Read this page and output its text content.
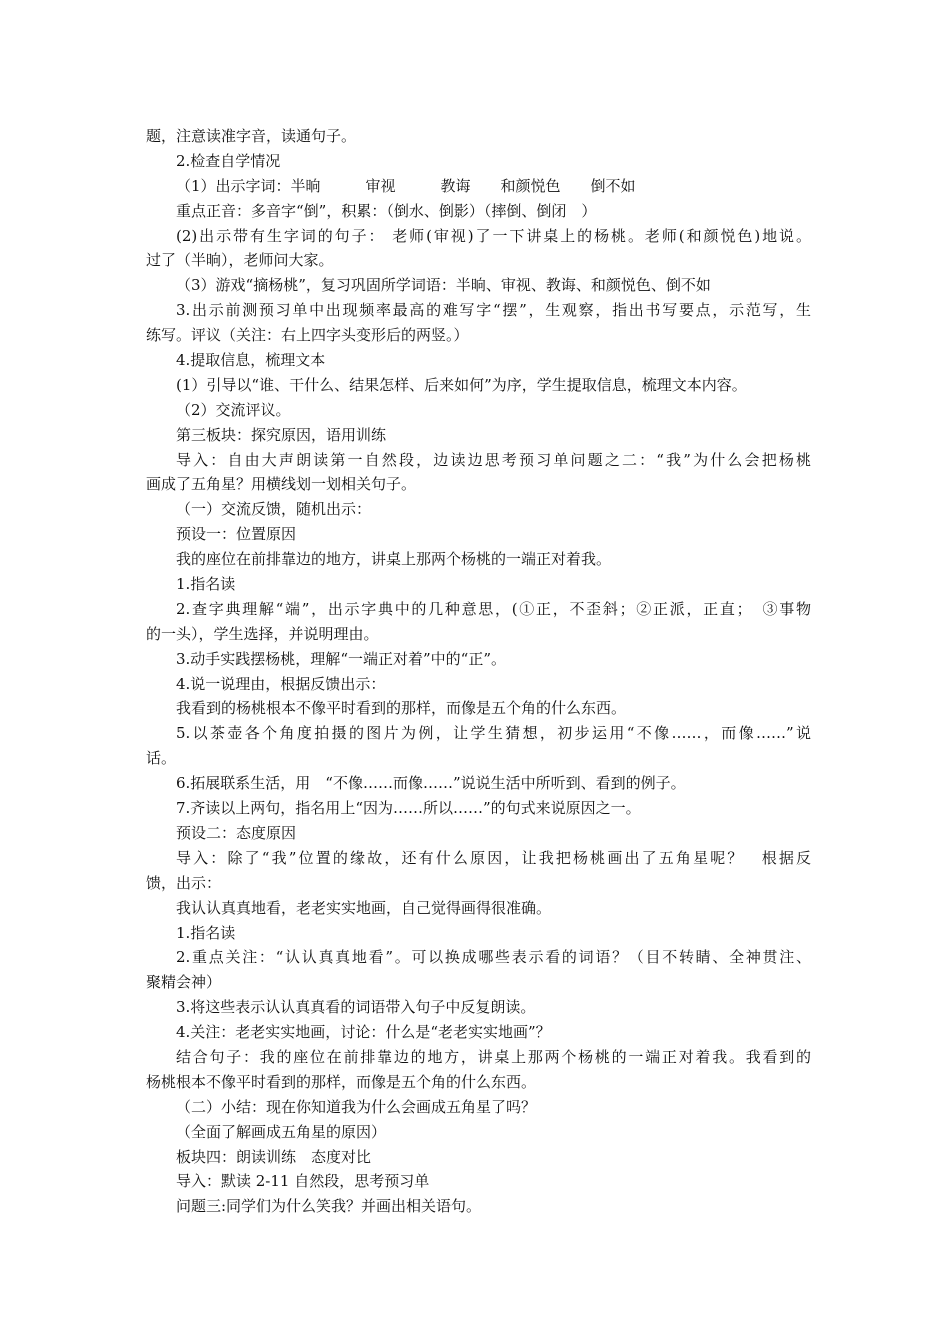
题，注意读准字音，读通句子。
2.检查自学情况
（1）出示字词：半晌　　　审视　　　教诲　　和颜悦色　　倒不如
重点正音：多音字“倒”，积累：（倒水、倒影）（摔倒、倒闭　）
(2)出示带有生字词的句子： 老师(审视)了一下讲桌上的杨桃。老师(和颜悦色)地说。
过了（半晌），老师问大家。
（3）游戏“摘杨桃”，复习巩固所学词语：半晌、审视、教诲、和颜悦色、倒不如
3.出示前测预习单中出现频率最高的难写字“摆”，生观察，指出书写要点，示范写，生
练写。评议（关注：右上四字头变形后的两竖。）
4.提取信息，梳理文本
(1）引导以“谁、干什么、结果怎样、后来如何”为序，学生提取信息，梳理文本内容。
（2）交流评议。
第三板块：探究原因，语用训练
导入：自由大声朗读第一自然段，边读边思考预习单问题之二：“我”为什么会把杨桃
画成了五角星？用横线划一划相关句子。
（一）交流反馈，随机出示：
预设一：位置原因
我的座位在前排靠边的地方，讲桌上那两个杨桃的一端正对着我。
1.指名读
2.查字典理解“端”，出示字典中的几种意思，(①正，不歪斜；②正派，正直；　③事物
的一头），学生选择，并说明理由。
3.动手实践摆杨桃，理解“一端正对着”中的“正”。
4.说一说理由，根据反馈出示：
我看到的杨桃根本不像平时看到的那样，而像是五个角的什么东西。
5.以茶壶各个角度拍摄的图片为例，让学生猜想，初步运用“不像……，而像……”说
话。
6.拓展联系生活，用　“不像……而像……”说说生活中所听到、看到的例子。
7.齐读以上两句，指名用上“因为……所以……”的句式来说原因之一。
预设二：态度原因
导入：除了“我”位置的缘故，还有什么原因，让我把杨桃画出了五角星呢？　根据反
馈，出示：
我认认真真地看，老老实实地画，自己觉得画得很准确。
1.指名读
2.重点关注：“认认真真地看”。可以换成哪些表示看的词语？（目不转睛、全神贯注、
聚精会神）
3.将这些表示认认真真看的词语带入句子中反复朗读。
4.关注：老老实实地画，讨论：什么是“老老实实地画”？
结合句子：我的座位在前排靠边的地方，讲桌上那两个杨桃的一端正对着我。我看到的
杨桃根本不像平时看到的那样，而像是五个角的什么东西。
（二）小结：现在你知道我为什么会画成五角星了吗？
（全面了解画成五角星的原因）
板块四：朗读训练　态度对比
导入：默读 2-11 自然段，思考预习单
问题三:同学们为什么笑我？并画出相关语句。
